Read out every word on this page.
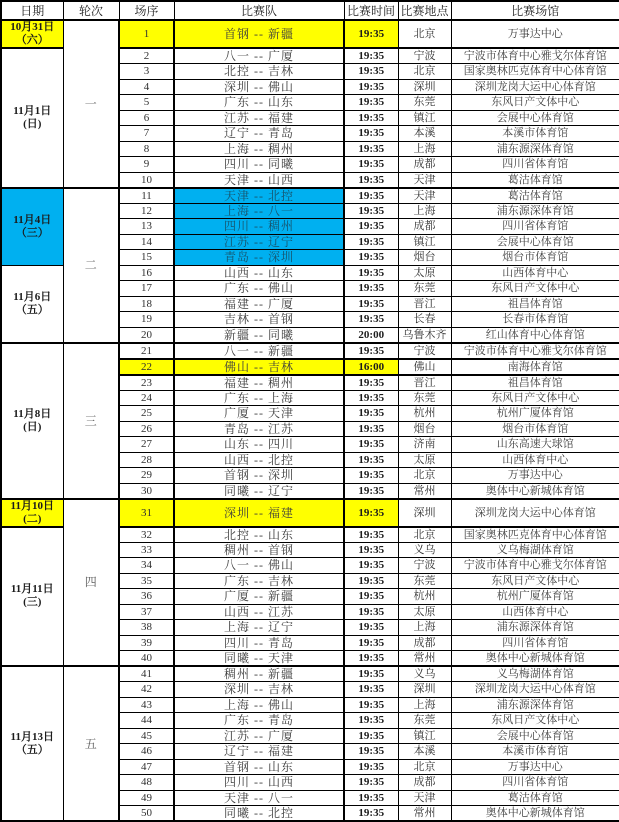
日期	轮次	场序	比赛队	比赛时间	比赛地点	比赛场馆

10月31日
（六）	一	1	首钢 -- 新疆	19:35	北京	万事达中心

11月1日
(日)		2	八一 -- 广厦	19:35	宁波	宁波市体育中心雅戈尔体育馆
		3	北控 -- 吉林	19:35	北京	国家奥林匹克体育中心体育馆
		4	深圳 -- 佛山	19:35	深圳	深圳龙岗大运中心体育馆
		5	广东 -- 山东	19:35	东莞	东风日产文体中心
		6	江苏 -- 福建	19:35	镇江	会展中心体育馆
		7	辽宁 -- 青岛	19:35	本溪	本溪市体育馆
		8	上海 -- 稠州	19:35	上海	浦东源深体育馆
		9	四川 -- 同曦	19:35	成都	四川省体育馆
		10	天津 -- 山西	19:35	天津	葛沽体育馆

11月4日
（三）	二	11	天津 -- 北控	19:35	天津	葛沽体育馆
		12	上海 -- 八一	19:35	上海	浦东源深体育馆
		13	四川 -- 稠州	19:35	成都	四川省体育馆
		14	江苏 -- 辽宁	19:35	镇江	会展中心体育馆
		15	青岛 -- 深圳	19:35	烟台	烟台市体育馆

11月6日
（五）		16	山西 -- 山东	19:35	太原	山西体育中心
		17	广东 -- 佛山	19:35	东莞	东风日产文体中心
		18	福建 -- 广厦	19:35	晋江	祖昌体育馆
		19	吉林 -- 首钢	19:35	长春	长春市体育馆
		20	新疆 -- 同曦	20:00	乌鲁木齐	红山体育中心体育馆

11月8日
(日)	三	21	八一 -- 新疆	19:35	宁波	宁波市体育中心雅戈尔体育馆
		22	佛山 -- 吉林	16:00	佛山	南海体育馆
		23	福建 -- 稠州	19:35	晋江	祖昌体育馆
		24	广东 -- 上海	19:35	东莞	东风日产文体中心
		25	广厦 -- 天津	19:35	杭州	杭州广厦体育馆
		26	青岛 -- 江苏	19:35	烟台	烟台市体育馆
		27	山东 -- 四川	19:35	济南	山东高速大球馆
		28	山西 -- 北控	19:35	太原	山西体育中心
		29	首钢 -- 深圳	19:35	北京	万事达中心
		30	同曦 -- 辽宁	19:35	常州	奥体中心新城体育馆

11月10日
(二)	四	31	深圳 -- 福建	19:35	深圳	深圳龙岗大运中心体育馆

11月11日
(三)		32	北控 -- 山东	19:35	北京	国家奥林匹克体育中心体育馆
		33	稠州 -- 首钢	19:35	义乌	义乌梅湖体育馆
		34	八一 -- 佛山	19:35	宁波	宁波市体育中心雅戈尔体育馆
		35	广东 -- 吉林	19:35	东莞	东风日产文体中心
		36	广厦 -- 新疆	19:35	杭州	杭州广厦体育馆
		37	山西 -- 江苏	19:35	太原	山西体育中心
		38	上海 -- 辽宁	19:35	上海	浦东源深体育馆
		39	四川 -- 青岛	19:35	成都	四川省体育馆
		40	同曦 -- 天津	19:35	常州	奥体中心新城体育馆

11月13日
（五）	五	41	稠州 -- 新疆	19:35	义乌	义乌梅湖体育馆
		42	深圳 -- 吉林	19:35	深圳	深圳龙岗大运中心体育馆
		43	上海 -- 佛山	19:35	上海	浦东源深体育馆
		44	广东 -- 青岛	19:35	东莞	东风日产文体中心
		45	江苏 -- 广厦	19:35	镇江	会展中心体育馆
		46	辽宁 -- 福建	19:35	本溪	本溪市体育馆
		47	首钢 -- 山东	19:35	北京	万事达中心
		48	四川 -- 山西	19:35	成都	四川省体育馆
		49	天津 -- 八一	19:35	天津	葛沽体育馆
		50	同曦 -- 北控	19:35	常州	奥体中心新城体育馆
